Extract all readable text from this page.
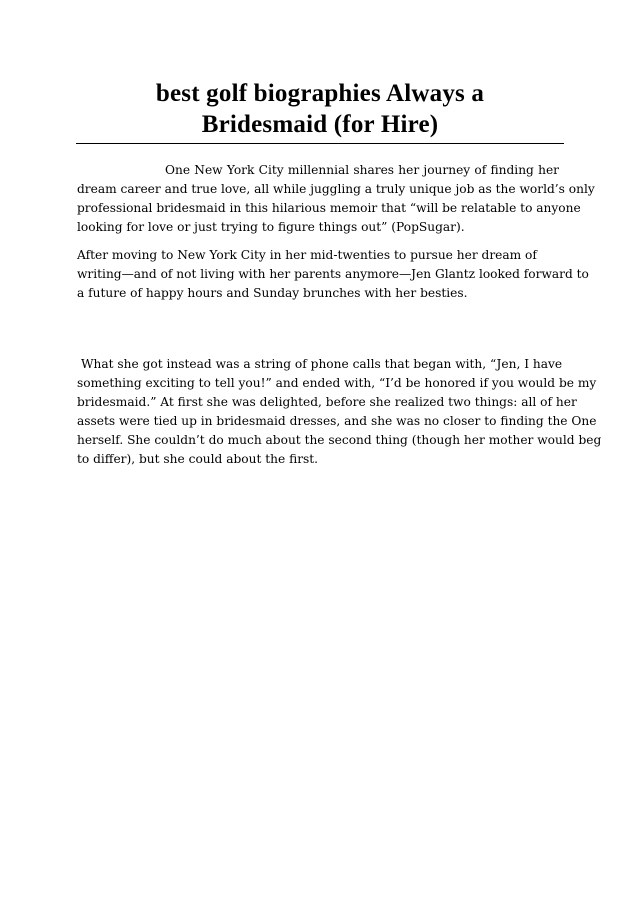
best golf biographies Always a
Bridesmaid (for Hire)
One New York City millennial shares her journey of finding her
dream career and true love, all while juggling a truly unique job as the world’s only
professional bridesmaid in this hilarious memoir that “will be relatable to anyone
looking for love or just trying to figure things out” (PopSugar).
After moving to New York City in her mid-twenties to pursue her dream of
writing—and of not living with her parents anymore—Jen Glantz looked forward to
a future of happy hours and Sunday brunches with her besties.
What she got instead was a string of phone calls that began with, “Jen, I have
something exciting to tell you!” and ended with, “I’d be honored if you would be my
bridesmaid.” At first she was delighted, before she realized two things: all of her
assets were tied up in bridesmaid dresses, and she was no closer to finding the One
herself. She couldn’t do much about the second thing (though her mother would beg
to differ), but she could about the first.
